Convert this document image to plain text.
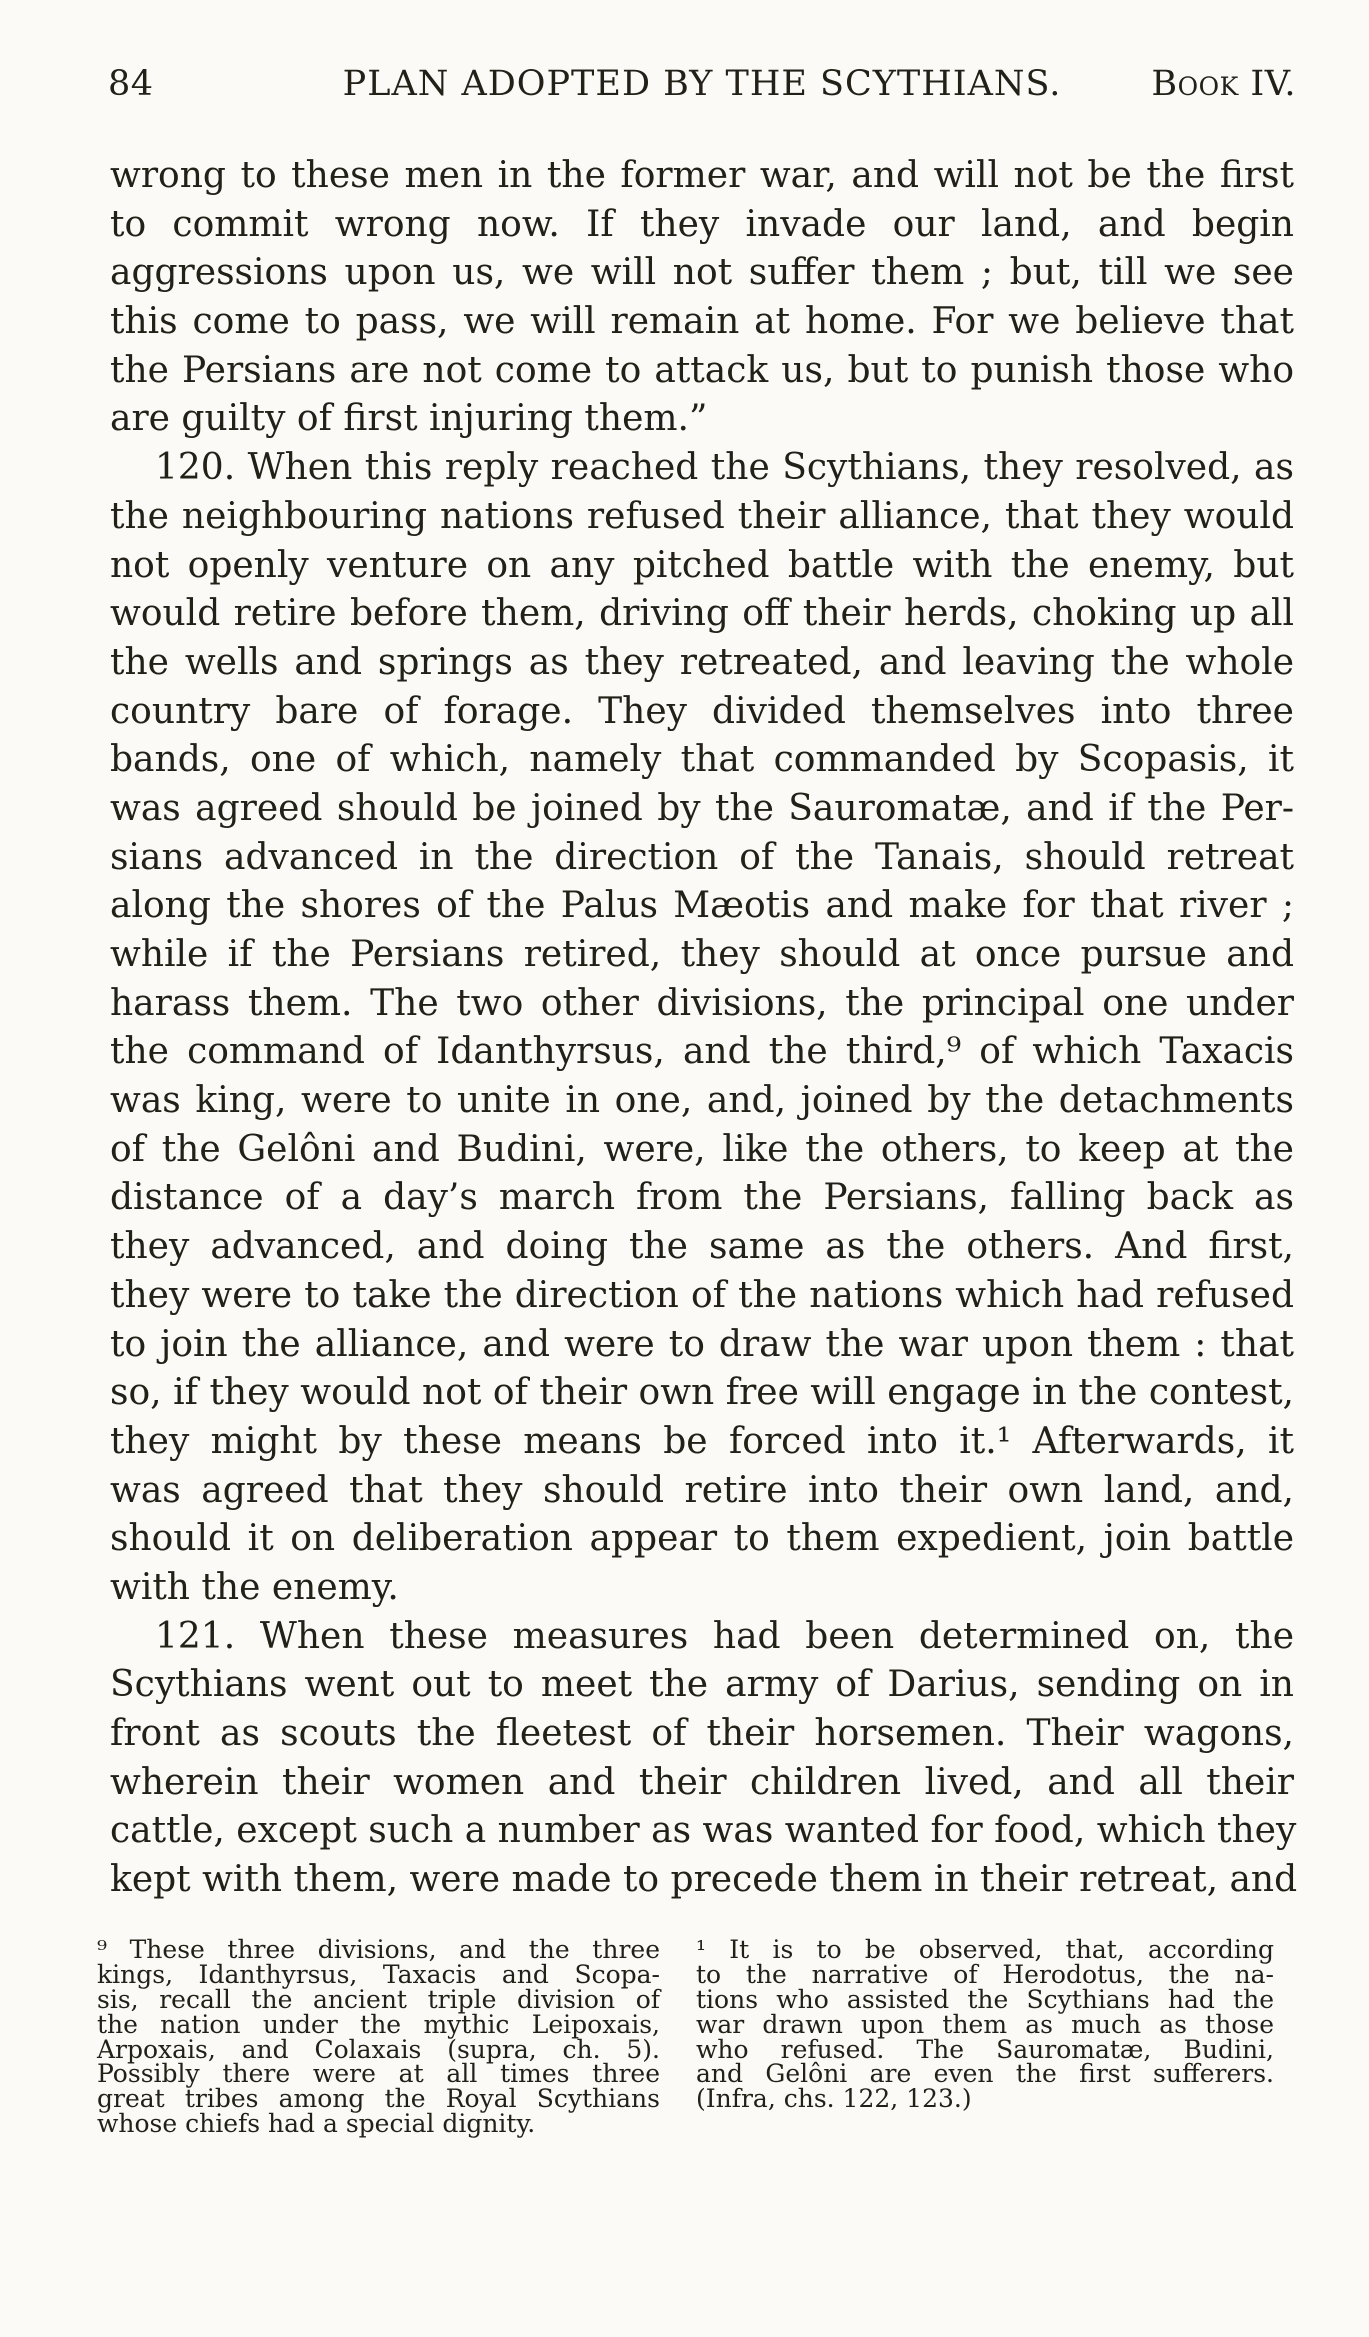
84	PLAN ADOPTED BY THE SCYTHIANS.	Book IV.
wrong to these men in the former war, and will not be the first
to commit wrong now. If they invade our land, and begin
aggressions upon us, we will not suffer them ; but, till we see
this come to pass, we will remain at home. For we believe that
the Persians are not come to attack us, but to punish those who
are guilty of first injuring them.”
120. When this reply reached the Scythians, they resolved, as
the neighbouring nations refused their alliance, that they would
not openly venture on any pitched battle with the enemy, but
would retire before them, driving off their herds, choking up all
the wells and springs as they retreated, and leaving the whole
country bare of forage. They divided themselves into three
bands, one of which, namely that commanded by Scopasis, it
was agreed should be joined by the Sauromatæ, and if the Per-
sians advanced in the direction of the Tanais, should retreat
along the shores of the Palus Mæotis and make for that river ;
while if the Persians retired, they should at once pursue and
harass them. The two other divisions, the principal one under
the command of Idanthyrsus, and the third,⁹ of which Taxacis
was king, were to unite in one, and, joined by the detachments
of the Gelôni and Budini, were, like the others, to keep at the
distance of a day’s march from the Persians, falling back as
they advanced, and doing the same as the others. And first,
they were to take the direction of the nations which had refused
to join the alliance, and were to draw the war upon them : that
so, if they would not of their own free will engage in the contest,
they might by these means be forced into it.¹ Afterwards, it
was agreed that they should retire into their own land, and,
should it on deliberation appear to them expedient, join battle
with the enemy.
121. When these measures had been determined on, the
Scythians went out to meet the army of Darius, sending on in
front as scouts the fleetest of their horsemen. Their wagons,
wherein their women and their children lived, and all their
cattle, except such a number as was wanted for food, which they
kept with them, were made to precede them in their retreat, and
⁹ These three divisions, and the three
kings, Idanthyrsus, Taxacis and Scopa-
sis, recall the ancient triple division of
the nation under the mythic Leipoxais,
Arpoxais, and Colaxais (supra, ch. 5).
Possibly there were at all times three
great tribes among the Royal Scythians
whose chiefs had a special dignity.
¹ It is to be observed, that, according
to the narrative of Herodotus, the na-
tions who assisted the Scythians had the
war drawn upon them as much as those
who refused. The Sauromatæ, Budini,
and Gelôni are even the first sufferers.
(Infra, chs. 122, 123.)
